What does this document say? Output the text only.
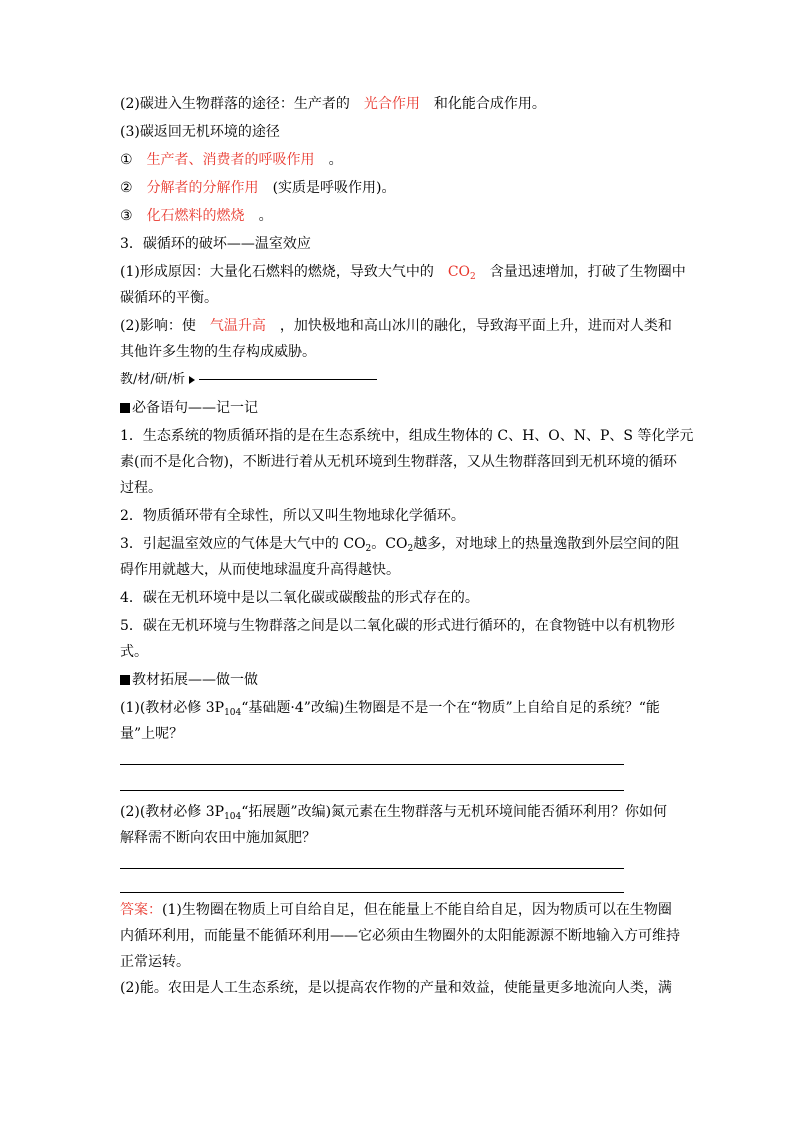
(2)碳进入生物群落的途径：生产者的 光合作用 和化能合成作用。
(3)碳返回无机环境的途径
① 生产者、消费者的呼吸作用 。
② 分解者的分解作用 (实质是呼吸作用)。
③ 化石燃料的燃烧 。
3．碳循环的破坏——温室效应
(1)形成原因：大量化石燃料的燃烧，导致大气中的 $CO_2$ 含量迅速增加，打破了生物圈中
碳循环的平衡。
(2)影响：使 气温升高 ，加快极地和高山冰川的融化，导致海平面上升，进而对人类和
其他许多生物的生存构成威胁。
教/材/研/析
必备语句——记一记
1．生态系统的物质循环指的是在生态系统中，组成生物体的 C、H、O、N、P、S 等化学元
素(而不是化合物)，不断进行着从无机环境到生物群落，又从生物群落回到无机环境的循环
过程。
2．物质循环带有全球性，所以又叫生物地球化学循环。
3．引起温室效应的气体是大气中的 $CO_2$。$CO_2$越多，对地球上的热量逸散到外层空间的阻
碍作用就越大，从而使地球温度升高得越快。
4．碳在无机环境中是以二氧化碳或碳酸盐的形式存在的。
5．碳在无机环境与生物群落之间是以二氧化碳的形式进行循环的，在食物链中以有机物形
式。
教材拓展——做一做
(1)(教材必修 $3P_{104}“$基础题·4”改编)生物圈是不是一个在“物质”上自给自足的系统？“能
量”上呢？
(2)(教材必修 $3P_{104}“$拓展题”改编)氮元素在生物群落与无机环境间能否循环利用？你如何
解释需不断向农田中施加氮肥？
答案：(1)生物圈在物质上可自给自足，但在能量上不能自给自足，因为物质可以在生物圈
内循环利用，而能量不能循环利用——它必须由生物圈外的太阳能源源不断地输入方可维持
正常运转。
(2)能。农田是人工生态系统，是以提高农作物的产量和效益，使能量更多地流向人类，满
